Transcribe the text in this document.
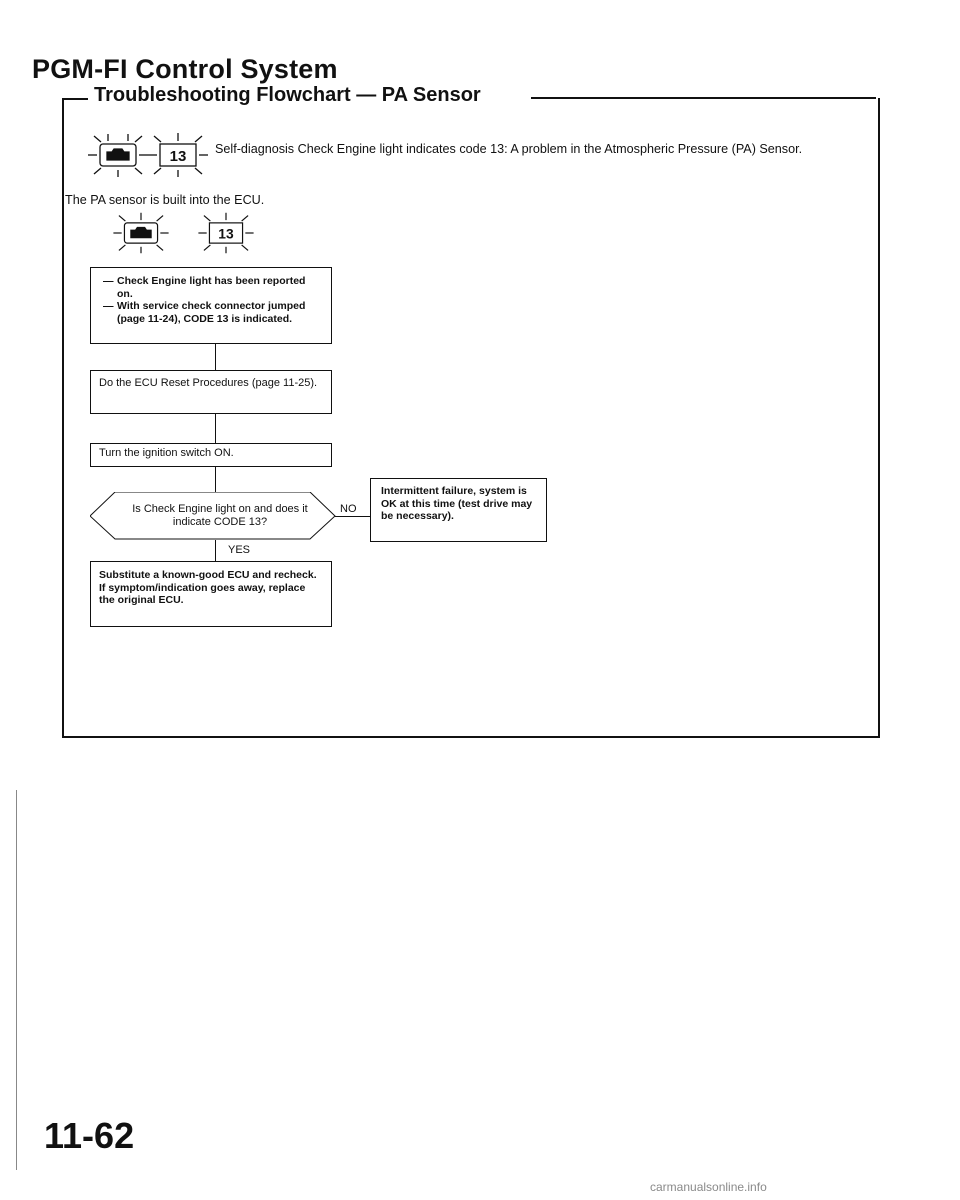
PGM-FI Control System
Troubleshooting Flowchart — PA Sensor
13 Self-diagnosis Check Engine light indicates code 13: A problem in the Atmospheric Pressure (PA) Sensor.
The PA sensor is built into the ECU.
13
— Check Engine light has been reported on.
— With service check connector jumped (page 11-24), CODE 13 is indicated.
Do the ECU Reset Procedures (page 11-25).
Turn the ignition switch ON.
Is Check Engine light on and does it indicate CODE 13?
NO
Intermittent failure, system is OK at this time (test drive may be necessary).
YES
Substitute a known-good ECU and recheck. If symptom/indication goes away, replace the original ECU.
11-62
carmanualsonline.info
